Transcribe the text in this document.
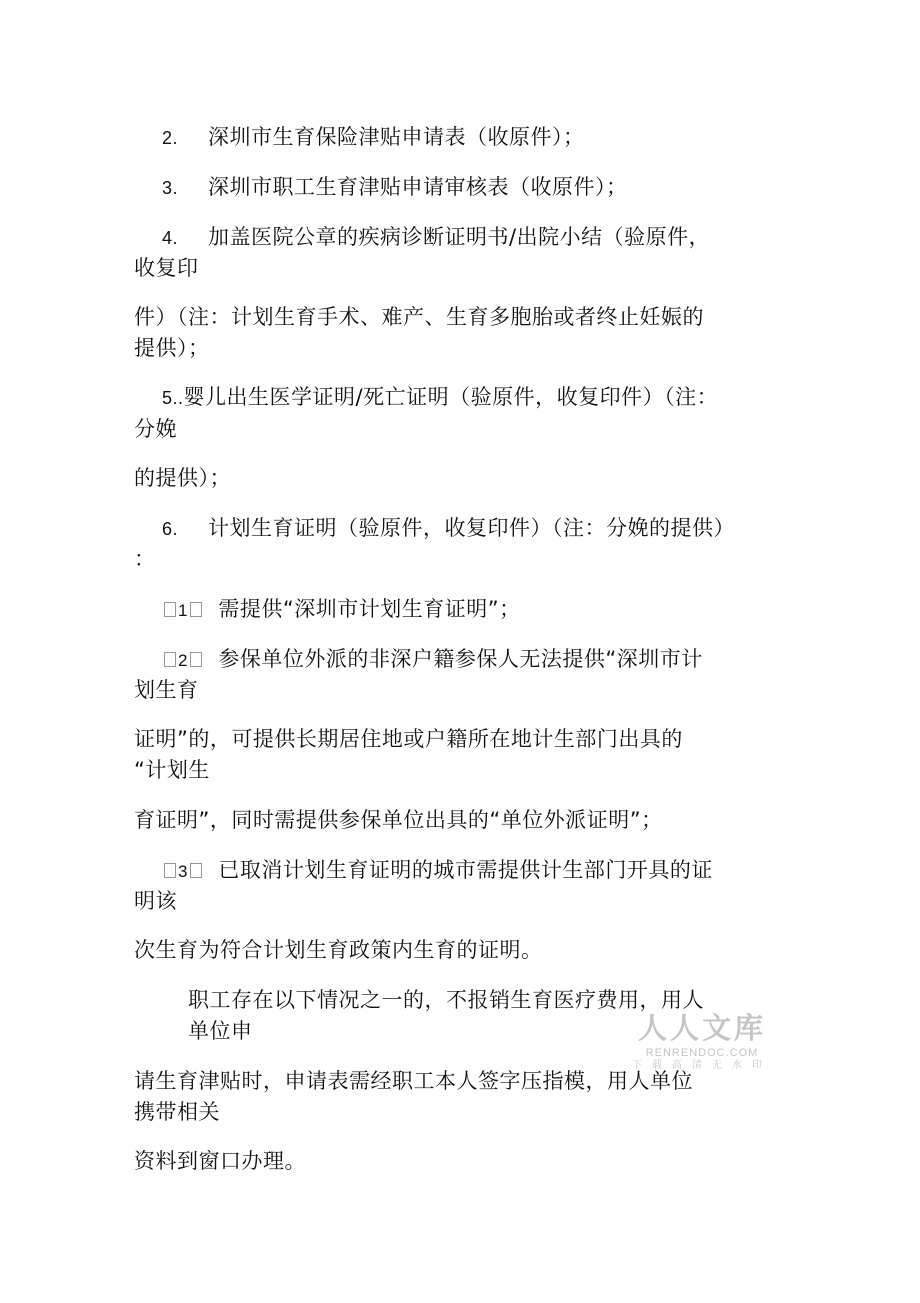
2. 深圳市生育保险津贴申请表（收原件）；
3. 深圳市职工生育津贴申请审核表（收原件）；
4. 加盖医院公章的疾病诊断证明书/出院小结（验原件，
收复印
件）（注：计划生育手术、难产、生育多胞胎或者终止妊娠的
提供）；
5..婴儿出生医学证明/死亡证明（验原件，收复印件）（注：
分娩
的提供）；
6. 计划生育证明（验原件，收复印件）（注：分娩的提供）
：
1 需提供“深圳市计划生育证明”；
2 参保单位外派的非深户籍参保人无法提供“深圳市计
划生育
证明”的，可提供长期居住地或户籍所在地计生部门出具的
“计划生
育证明”，同时需提供参保单位出具的“单位外派证明”；
3 已取消计划生育证明的城市需提供计生部门开具的证
明该
次生育为符合计划生育政策内生育的证明。
职工存在以下情况之一的，不报销生育医疗费用，用人
单位申
请生育津贴时，申请表需经职工本人签字压指模，用人单位
携带相关
资料到窗口办理。
人人文库
RENRENDOC.COM
下载高清无水印
